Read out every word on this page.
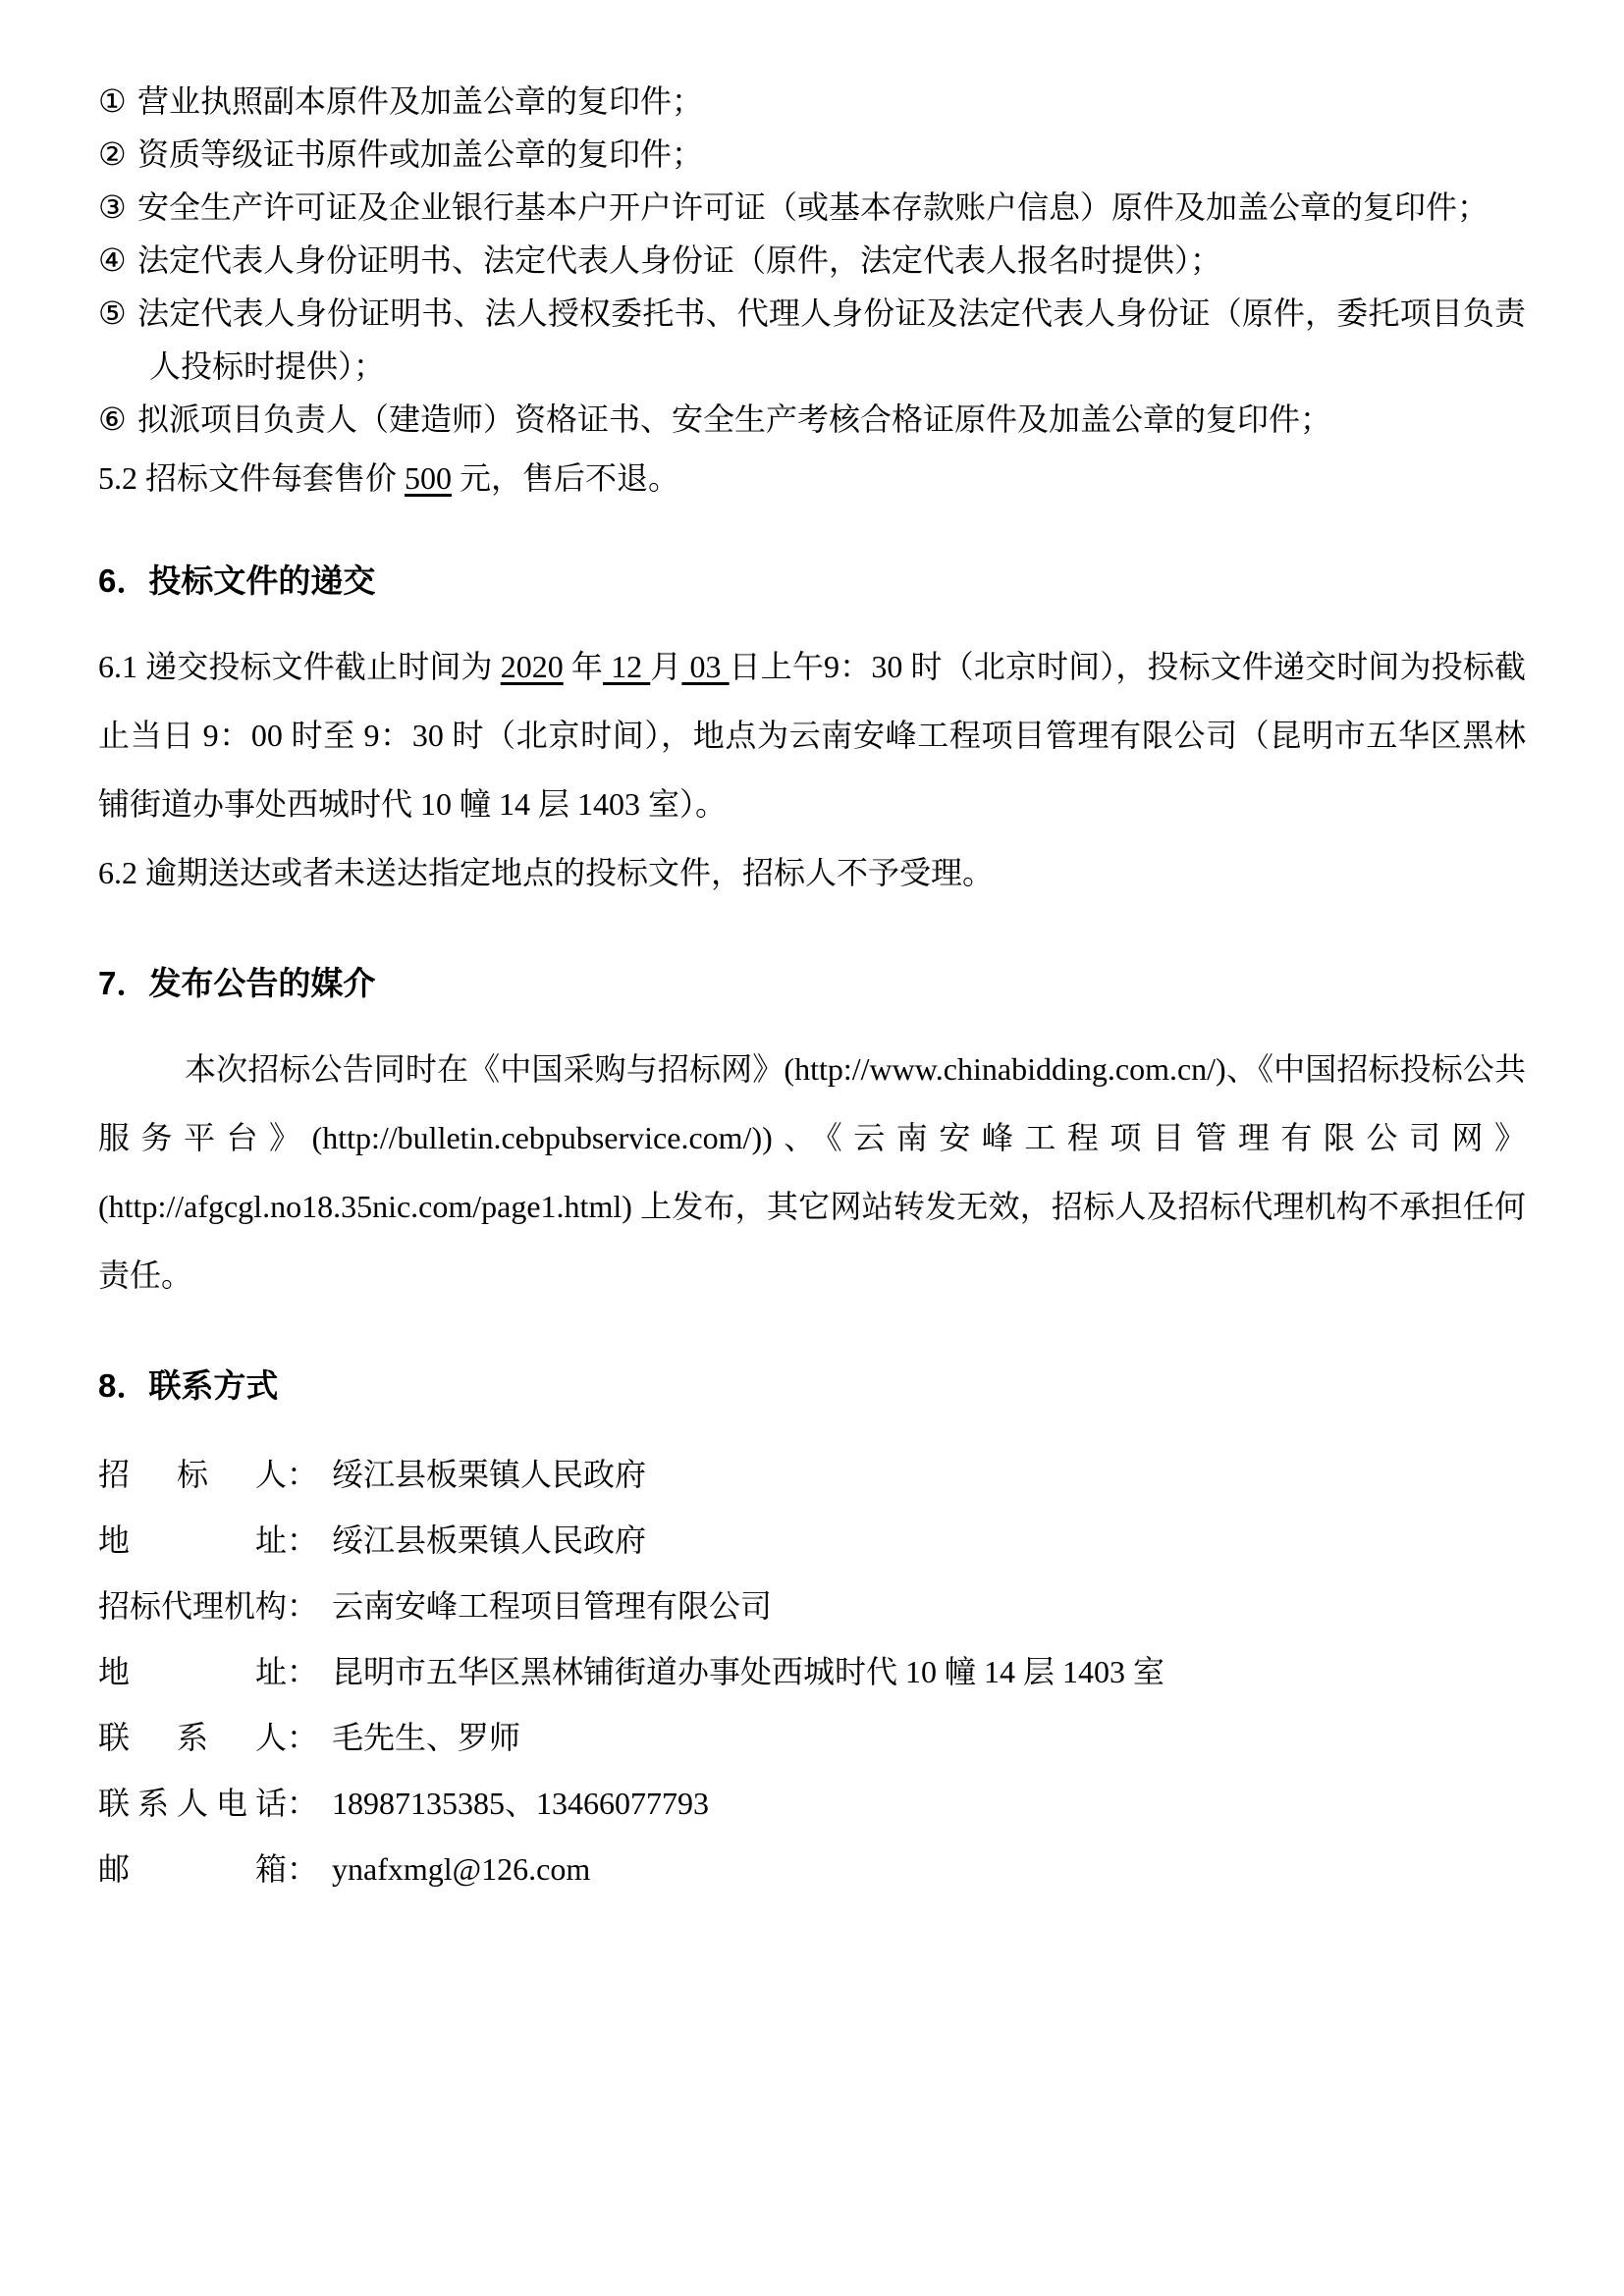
① 营业执照副本原件及加盖公章的复印件；
② 资质等级证书原件或加盖公章的复印件；
③ 安全生产许可证及企业银行基本户开户许可证（或基本存款账户信息）原件及加盖公章的复印件；
④ 法定代表人身份证明书、法定代表人身份证（原件，法定代表人报名时提供）；
⑤ 法定代表人身份证明书、法人授权委托书、代理人身份证及法定代表人身份证（原件，委托项目负责人投标时提供）；
⑥ 拟派项目负责人（建造师）资格证书、安全生产考核合格证原件及加盖公章的复印件；
5.2 招标文件每套售价 500 元，售后不退。
6．投标文件的递交

6.1 递交投标文件截止时间为 2020 年 12 月 03 日上午9：30 时（北京时间），投标文件递交时间为投标截止当日 9：00 时至 9：30 时（北京时间），地点为云南安峰工程项目管理有限公司（昆明市五华区黑林铺街道办事处西城时代 10 幢 14 层 1403 室）。

6.2 逾期送达或者未送达指定地点的投标文件，招标人不予受理。

7．发布公告的媒介

本次招标公告同时在《中国采购与招标网》(http://www.chinabidding.com.cn/)、《中国招标投标公共服务平台》(http://bulletin.cebpubservice.com/))、《云南安峰工程项目管理有限公司网》(http://afgcgl.no18.35nic.com/page1.html) 上发布，其它网站转发无效，招标人及招标代理机构不承担任何责任。

8．联系方式
招标人： 绥江县板栗镇人民政府
地址： 绥江县板栗镇人民政府
招标代理机构： 云南安峰工程项目管理有限公司
地址： 昆明市五华区黑林铺街道办事处西城时代 10 幢 14 层 1403 室
联系人： 毛先生、罗师
联系人电话： 18987135385、13466077793
邮箱： ynafxmgl@126.com
